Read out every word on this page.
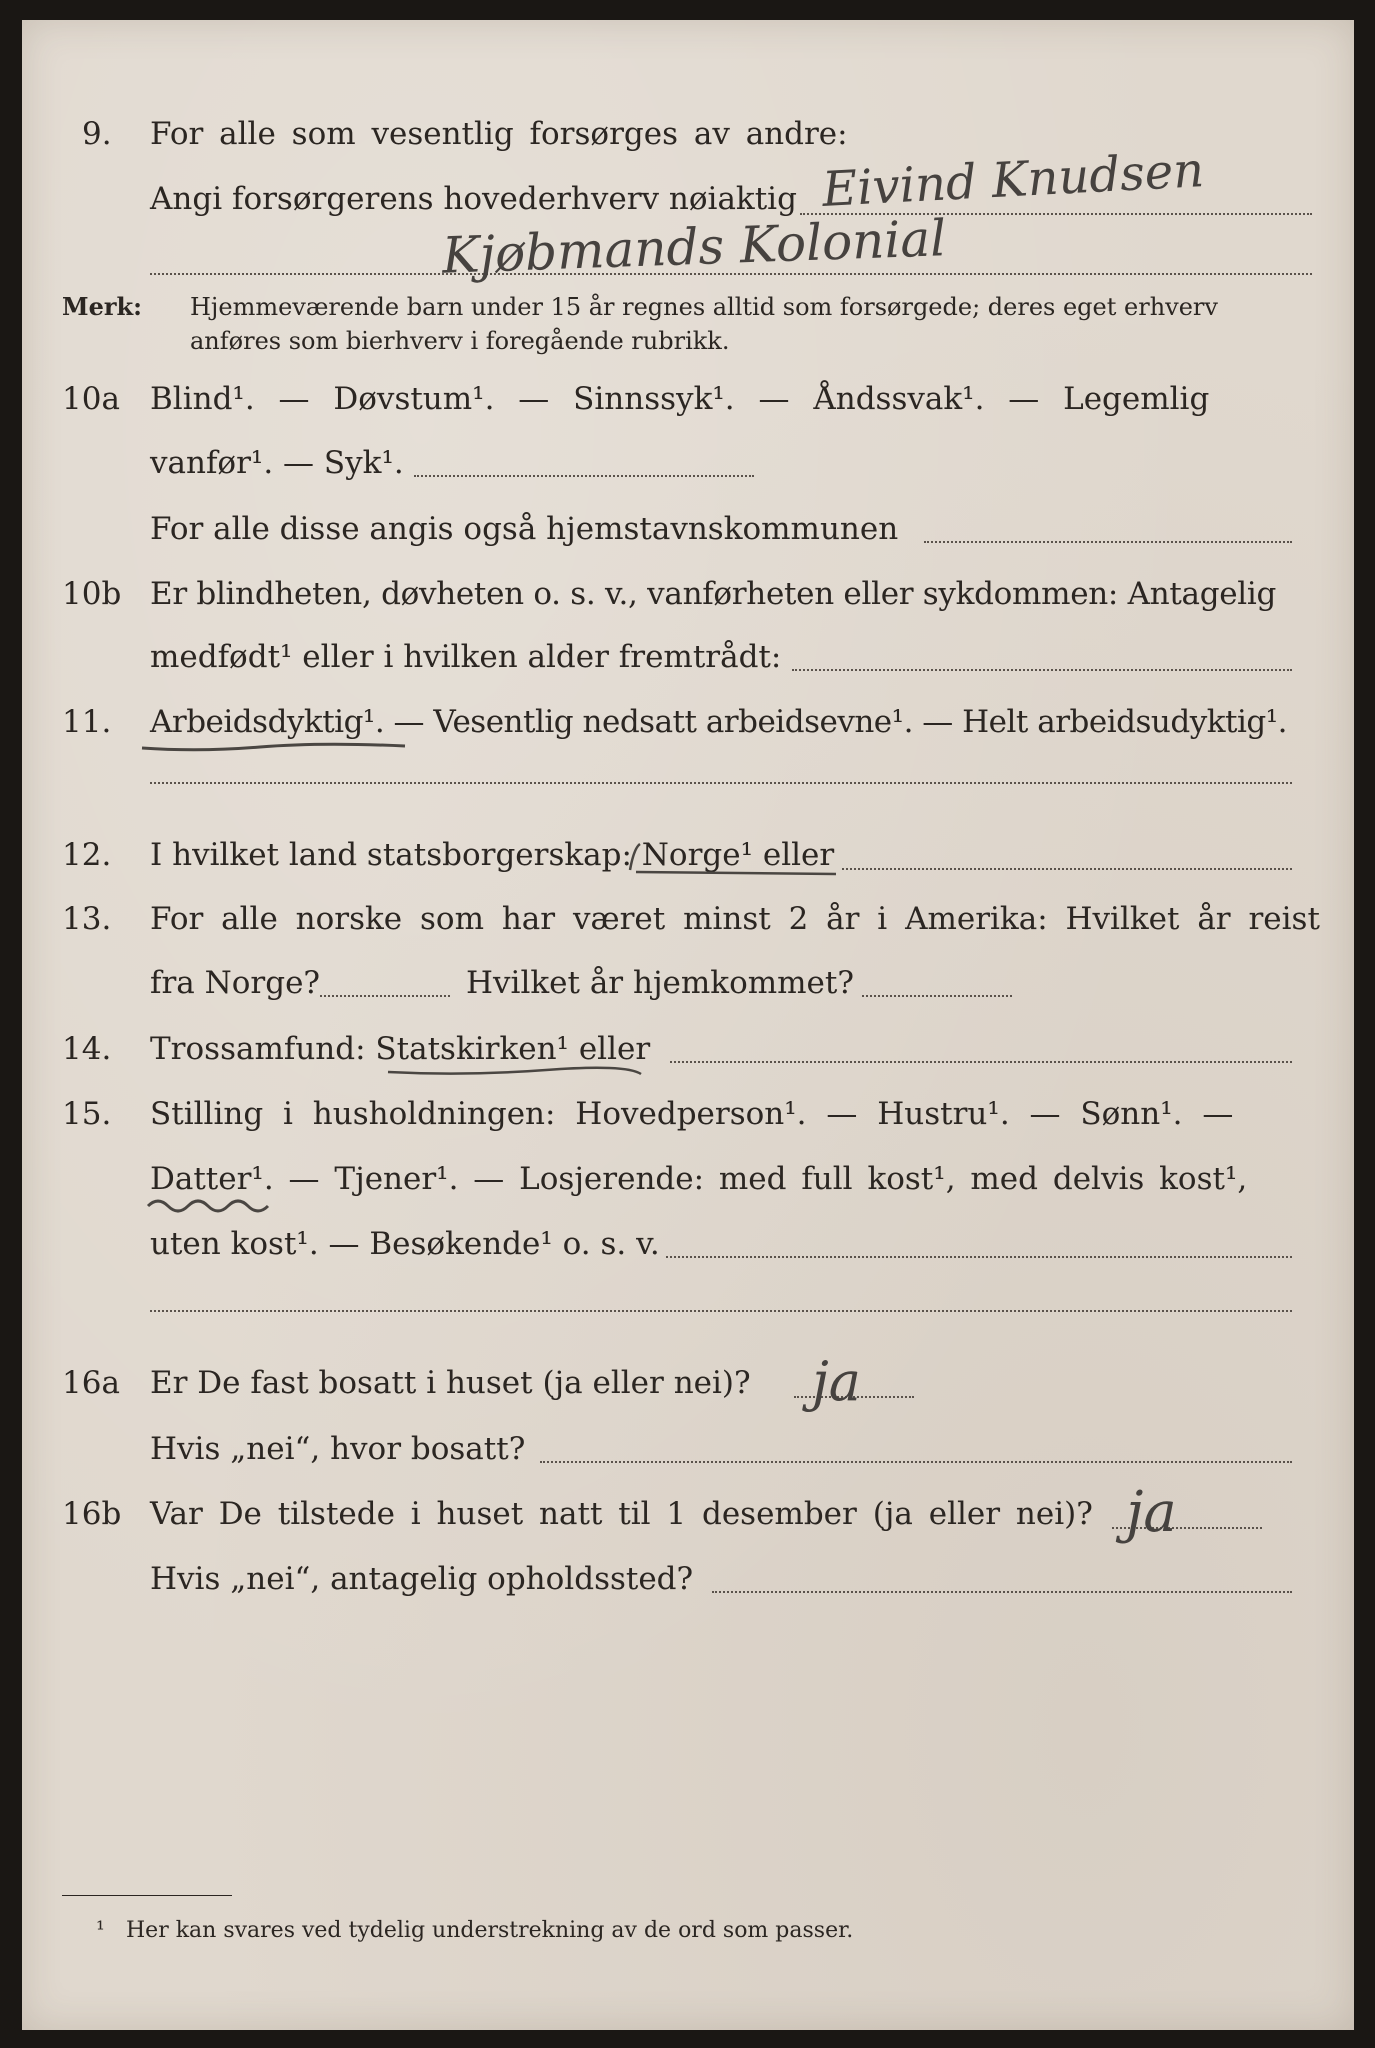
9. For alle som vesentlig forsørges av andre:
Angi forsørgerens hovederhverv nøiaktig Eivind Knudsen
Kjøbmands Kolonial
Merk: Hjemmeværende barn under 15 år regnes alltid som forsørgede; deres eget erhverv
anføres som bierhverv i foregående rubrikk.
10a Blind¹. — Døvstum¹. — Sinnssyk¹. — Åndssvak¹. — Legemlig
vanfør¹. — Syk¹.
For alle disse angis også hjemstavnskommunen
10b Er blindheten, døvheten o. s. v., vanførheten eller sykdommen: Antagelig
medfødt¹ eller i hvilken alder fremtrådt:
11. Arbeidsdyktig¹. — Vesentlig nedsatt arbeidsevne¹. — Helt arbeidsudyktig¹.
12. I hvilket land statsborgerskap: Norge¹ eller
13. For alle norske som har været minst 2 år i Amerika: Hvilket år reist
fra Norge?	Hvilket år hjemkommet?
14. Trossamfund: Statskirken¹ eller
15. Stilling i husholdningen: Hovedperson¹. — Hustru¹. — Sønn¹. —
Datter¹. — Tjener¹. — Losjerende: med full kost¹, med delvis kost¹,
uten kost¹. — Besøkende¹ o. s. v.
16a Er De fast bosatt i huset (ja eller nei)? ja
Hvis „nei“, hvor bosatt?
16b Var De tilstede i huset natt til 1 desember (ja eller nei)? ja
Hvis „nei“, antagelig opholdssted?
¹ Her kan svares ved tydelig understrekning av de ord som passer.
